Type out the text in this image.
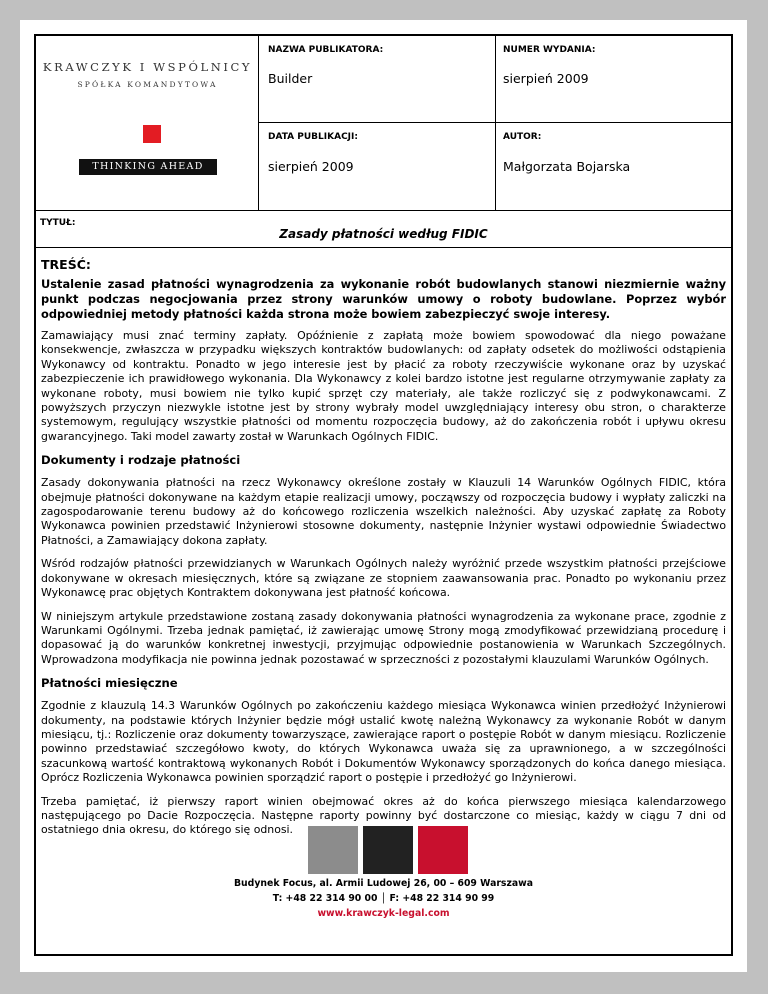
KRAWCZYK I WSPÓLNICY
SPÓŁKA KOMANDYTOWA
THINKING AHEAD
NAZWA PUBLIKATORA:
Builder
NUMER WYDANIA:
sierpień 2009
DATA PUBLIKACJI:
sierpień 2009
AUTOR:
Małgorzata Bojarska
TYTUŁ:
Zasady płatności według FIDIC
TREŚĆ:
Ustalenie zasad płatności wynagrodzenia za wykonanie robót budowlanych stanowi niezmiernie ważny punkt podczas negocjowania przez strony warunków umowy o roboty budowlane. Poprzez wybór odpowiedniej metody płatności każda strona może bowiem zabezpieczyć swoje interesy.

Zamawiający musi znać terminy zapłaty. Opóźnienie z zapłatą może bowiem spowodować dla niego poważane konsekwencje, zwłaszcza w przypadku większych kontraktów budowlanych: od zapłaty odsetek do możliwości odstąpienia Wykonawcy od kontraktu. Ponadto w jego interesie jest by płacić za roboty rzeczywiście wykonane oraz by uzyskać zabezpieczenie ich prawidłowego wykonania. Dla Wykonawcy z kolei bardzo istotne jest regularne otrzymywanie zapłaty za wykonane roboty, musi bowiem nie tylko kupić sprzęt czy materiały, ale także rozliczyć się z podwykonawcami. Z powyższych przyczyn niezwykle istotne jest by strony wybrały model uwzględniający interesy obu stron, o charakterze systemowym, regulujący wszystkie płatności od momentu rozpoczęcia budowy, aż do zakończenia robót i upływu okresu gwarancyjnego. Taki model zawarty został w Warunkach Ogólnych FIDIC.

Dokumenty i rodzaje płatności

Zasady dokonywania płatności na rzecz Wykonawcy określone zostały w Klauzuli 14 Warunków Ogólnych FIDIC, która obejmuje płatności dokonywane na każdym etapie realizacji umowy, począwszy od rozpoczęcia budowy i wypłaty zaliczki na zagospodarowanie terenu budowy aż do końcowego rozliczenia wszelkich należności. Aby uzyskać zapłatę za Roboty Wykonawca powinien przedstawić Inżynierowi stosowne dokumenty, następnie Inżynier wystawi odpowiednie Świadectwo Płatności, a Zamawiający dokona zapłaty.

Wśród rodzajów płatności przewidzianych w Warunkach Ogólnych należy wyróżnić przede wszystkim płatności przejściowe dokonywane w okresach miesięcznych, które są związane ze stopniem zaawansowania prac. Ponadto po wykonaniu przez Wykonawcę prac objętych Kontraktem dokonywana jest płatność końcowa.

W niniejszym artykule przedstawione zostaną zasady dokonywania płatności wynagrodzenia za wykonane prace, zgodnie z Warunkami Ogólnymi. Trzeba jednak pamiętać, iż zawierając umowę Strony mogą zmodyfikować przewidzianą procedurę i dopasować ją do warunków konkretnej inwestycji, przyjmując odpowiednie postanowienia w Warunkach Szczególnych. Wprowadzona modyfikacja nie powinna jednak pozostawać w sprzeczności z pozostałymi klauzulami Warunków Ogólnych.

Płatności miesięczne

Zgodnie z klauzulą 14.3 Warunków Ogólnych po zakończeniu każdego miesiąca Wykonawca winien przedłożyć Inżynierowi dokumenty, na podstawie których Inżynier będzie mógł ustalić kwotę należną Wykonawcy za wykonanie Robót w danym miesiącu, tj.: Rozliczenie oraz dokumenty towarzyszące, zawierające raport o postępie Robót w danym miesiącu. Rozliczenie powinno przedstawiać szczegółowo kwoty, do których Wykonawca uważa się za uprawnionego, a w szczególności szacunkową wartość kontraktową wykonanych Robót i Dokumentów Wykonawcy sporządzonych do końca danego miesiąca. Oprócz Rozliczenia Wykonawca powinien sporządzić raport o postępie i przedłożyć go Inżynierowi.

Trzeba pamiętać, iż pierwszy raport winien obejmować okres aż do końca pierwszego miesiąca kalendarzowego następującego po Dacie Rozpoczęcia. Następne raporty powinny być dostarczone co miesiąc, każdy w ciągu 7 dni od ostatniego dnia okresu, do którego się odnosi.

Budynek Focus, al. Armii Ludowej 26, 00 – 609 Warszawa
T: +48 22 314 90 00 │ F: +48 22 314 90 99
www.krawczyk-legal.com
